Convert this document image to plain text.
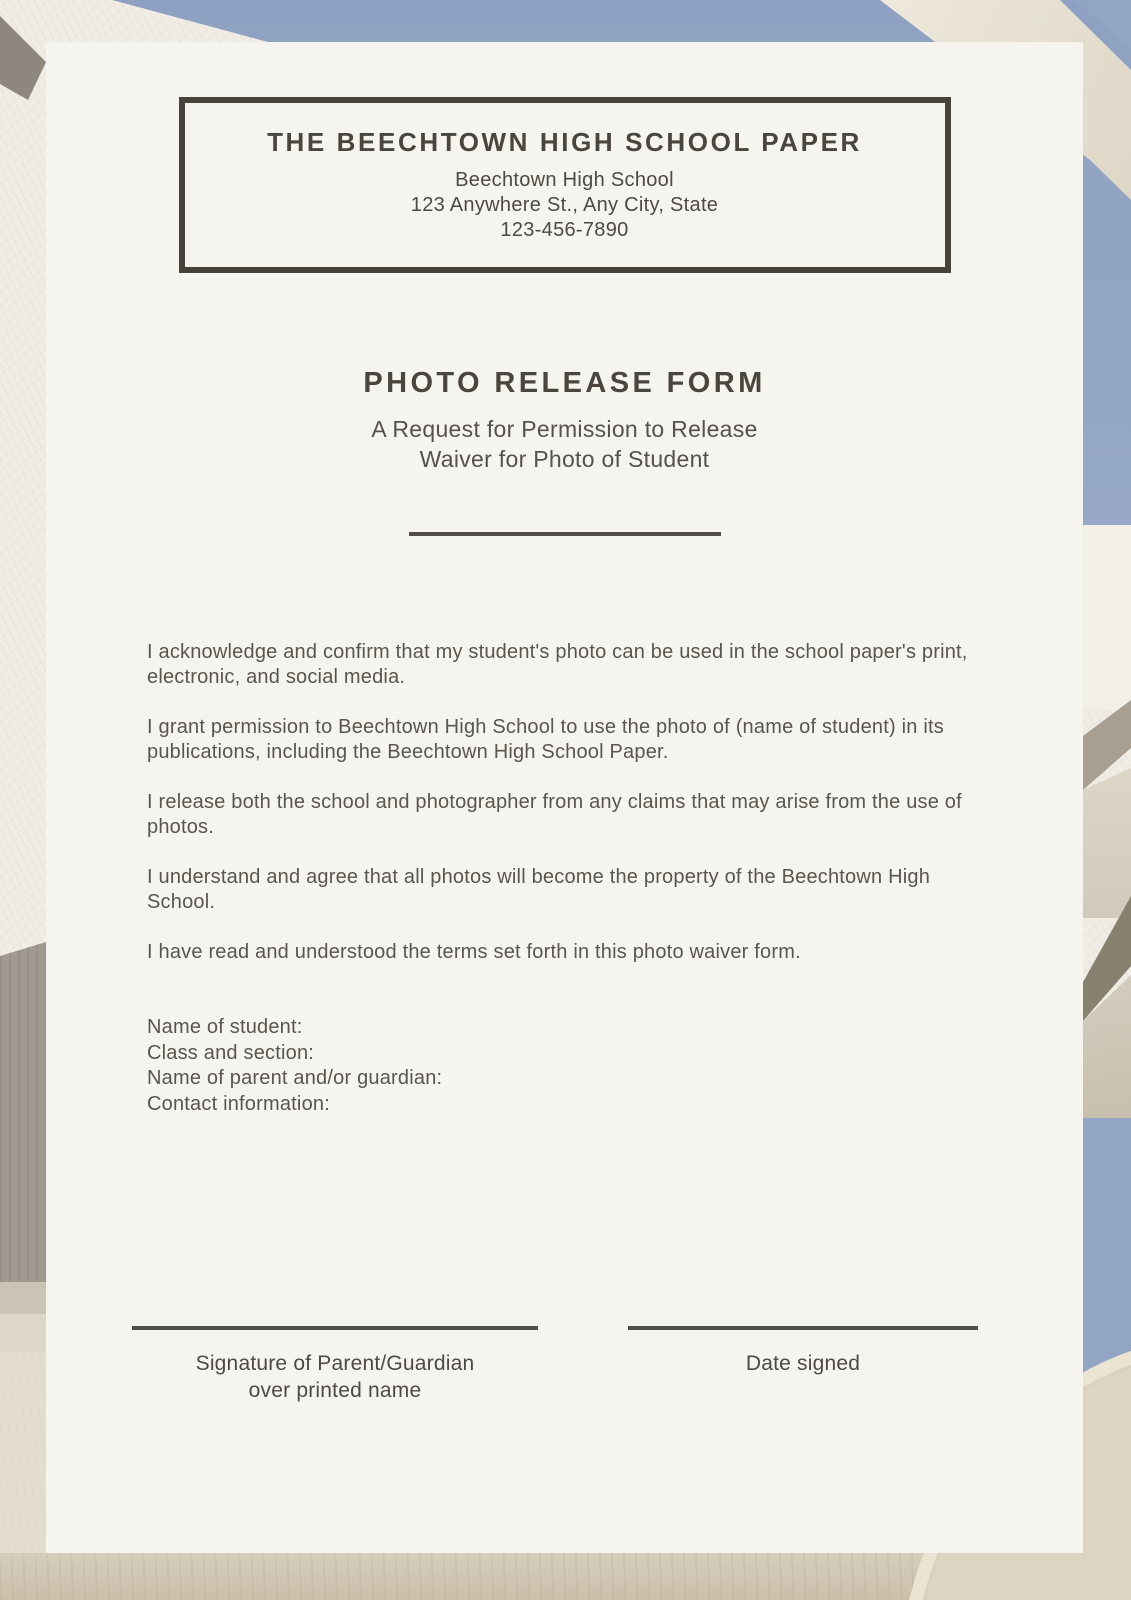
THE BEECHTOWN HIGH SCHOOL PAPER
Beechtown High School
123 Anywhere St., Any City, State
123-456-7890
PHOTO RELEASE FORM
A Request for Permission to Release
Waiver for Photo of Student

I acknowledge and confirm that my student's photo can be used in the school paper's print, electronic, and social media.

I grant permission to Beechtown High School to use the photo of (name of student) in its publications, including the Beechtown High School Paper.

I release both the school and photographer from any claims that may arise from the use of photos.

I understand and agree that all photos will become the property of the Beechtown High School.

I have read and understood the terms set forth in this photo waiver form.

Name of student:
Class and section:
Name of parent and/or guardian:
Contact information:
Signature of Parent/Guardian
over printed name
Date signed
